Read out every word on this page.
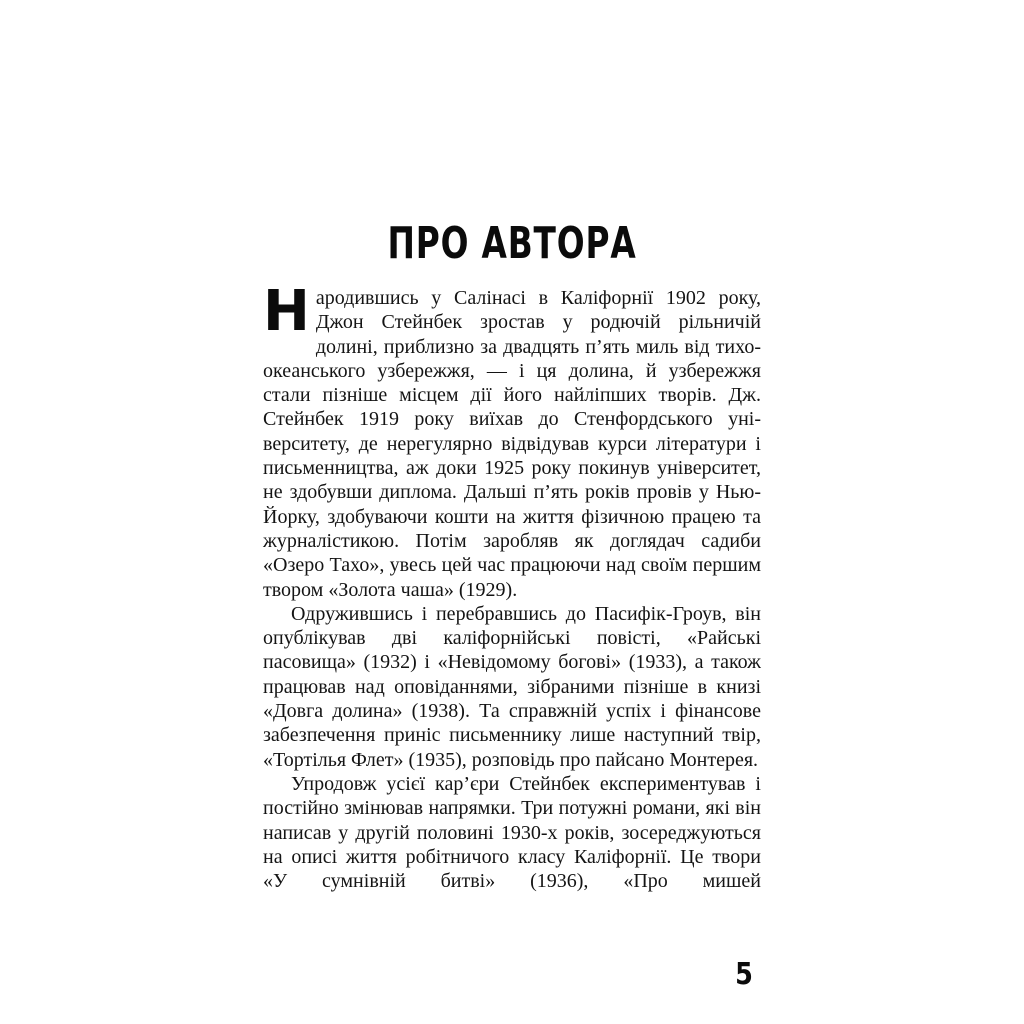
ПРО АВТОРА

Народившись у Салінасі в Каліфорнії 1902 року, Джон Стейнбек зростав у родючій рільничій долині, приблизно за двадцять п’ять миль від тихоокеанського узбережжя, — і ця долина, й узбережжя стали пізніше місцем дії його найліпших творів. Дж. Стейнбек 1919 року виїхав до Стенфордського університету, де нерегулярно відвідував курси літератури і письменництва, аж доки 1925 року покинув університет, не здобувши диплома. Дальші п’ять років провів у Нью-Йорку, здобуваючи кошти на життя фізичною працею та журналістикою. Потім заробляв як доглядач садиби «Озеро Тахо», увесь цей час працюючи над своїм першим твором «Золота чаша» (1929).

Одружившись і перебравшись до Пасифік-Гроув, він опублікував дві каліфорнійські повісті, «Райські пасовища» (1932) і «Невідомому богові» (1933), а також працював над оповіданнями, зібраними пізніше в книзі «Довга долина» (1938). Та справжній успіх і фінансове забезпечення приніс письменнику лише наступний твір, «Тортілья Флет» (1935), розповідь про пайсано Монтерея.

Упродовж усієї кар’єри Стейнбек експериментував і постійно змінював напрямки. Три потужні романи, які він написав у другій половині 1930-х років, зосереджуються на описі життя робітничого класу Каліфорнії. Це твори «У сумнівній битві» (1936), «Про мишей

5
